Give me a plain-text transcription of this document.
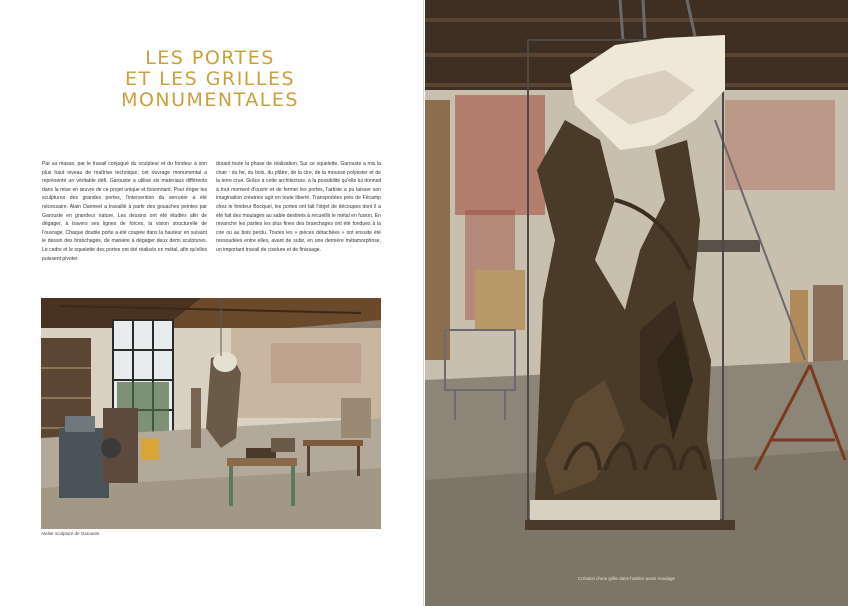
LES PORTES
ET LES GRILLES
MONUMENTALES
Par sa masse, par le travail conjugué du sculpteur et du fondeur à son plus haut niveau de maîtrise technique, cet ouvrage monumental a représenté un véritable défi. Garouste a utilisé six matériaux différents dans la mise en œuvre de ce projet unique et foisonnant. Pour ériger les sculptures des grandes portes, l'intervention du serrurier a été nécessaire. Alain Danneel a travaillé à partir des gouaches peintes par Garouste en grandeur nature. Les dessins ont été étudiés afin de dégager, à travers ses lignes de forces, la vision structurelle de l'ouvrage. Chaque double porte a été coupée dans la hauteur en suivant le dessin des branchages, de manière à dégager deux demi sculptures. Le cadre et le squelette des portes ont été réalisés en métal, afin qu'elles puissent pivoter
durant toute la phase de réalisation. Sur ce squelette, Garouste a mis la chair : du fer, du bois, du plâtre, de la cire, de la mousse polyester et de la terre crue. Grâce à cette architecture, à la possibilité qu'elle lui donnait à tout moment d'ouvrir et de fermer les portes, l'artiste a pu laisser son imagination créatrice agir en toute liberté. Transportées près de Fécamp chez le fondeur Bocquel, les portes ont fait l'objet de découpes dont il a été fait des moulages au sable destinés à recueillir le métal en fusion. En revanche les parties les plus fines des branchages ont été fondues à la cire ou au bois perdu. Toutes les « pièces détachées » ont ensuite été ressoudées entre elles, avant de subir, en une dernière métamorphose, un important travail de ciselure et de finissage.
Atelier sculpture de Garouste
Création d'une grille dans l'atelier avant moulage
